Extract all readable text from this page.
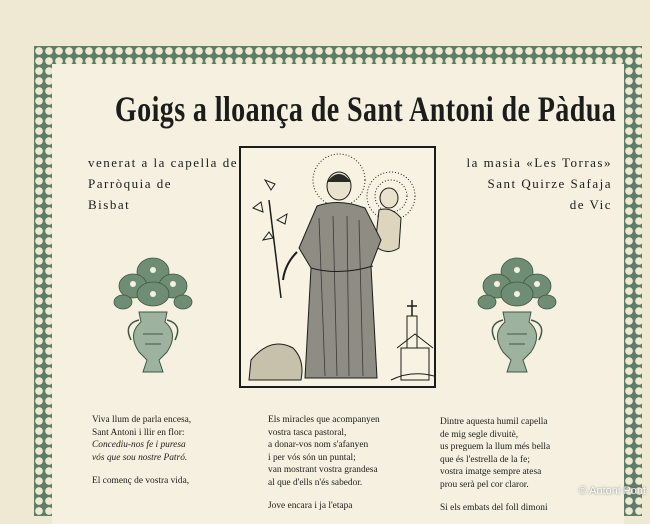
Goigs a lloança de Sant Antoni de Pàdua
venerat a la capella de
Parròquia de
Bisbat
la masia «Les Torras»
Sant Quirze Safaja
de Vic
Viva llum de parla encesa,
Sant Antoni i llir en flor:
Concediu-nos fe i puresa
vós que sou nostre Patró.
El començ de vostra vida,
Els miracles que acompanyen
vostra tasca pastoral,
a donar-vos nom s'afanyen
i per vós són un puntal;
van mostrant vostra grandesa
al que d'ells n'és sabedor.
Jove encara i ja l'etapa
Dintre aquesta humil capella
de mig segle divuitè,
us preguem la llum més bella
que és l'estrella de la fe;
vostra imatge sempre atesa
prou serà pel cor claror.
Si els embats del foll dimoni
© Antoni Pont
